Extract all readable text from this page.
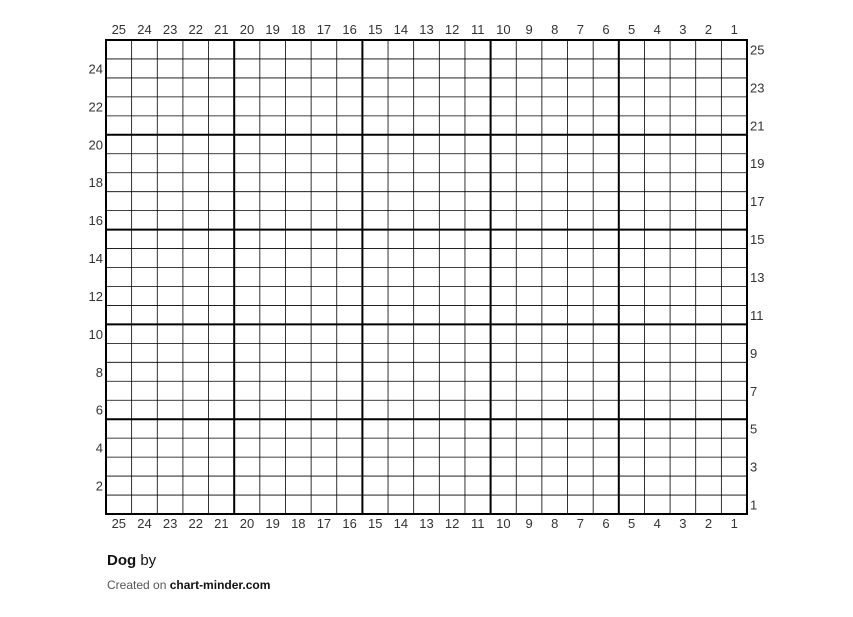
25
25
24
24
23
23
22
22
21
21
20
20
19
19
18
18
17
17
16
16
15
15
14
14
13
13
12
12
11
11
10
10
9
9
8
8
7
7
6
6
5
5
4
4
3
3
2
2
1
1
24
22
20
18
16
14
12
10
8
6
4
2
25
23
21
19
17
15
13
11
9
7
5
3
1
Dog by
Created on chart-minder.com
